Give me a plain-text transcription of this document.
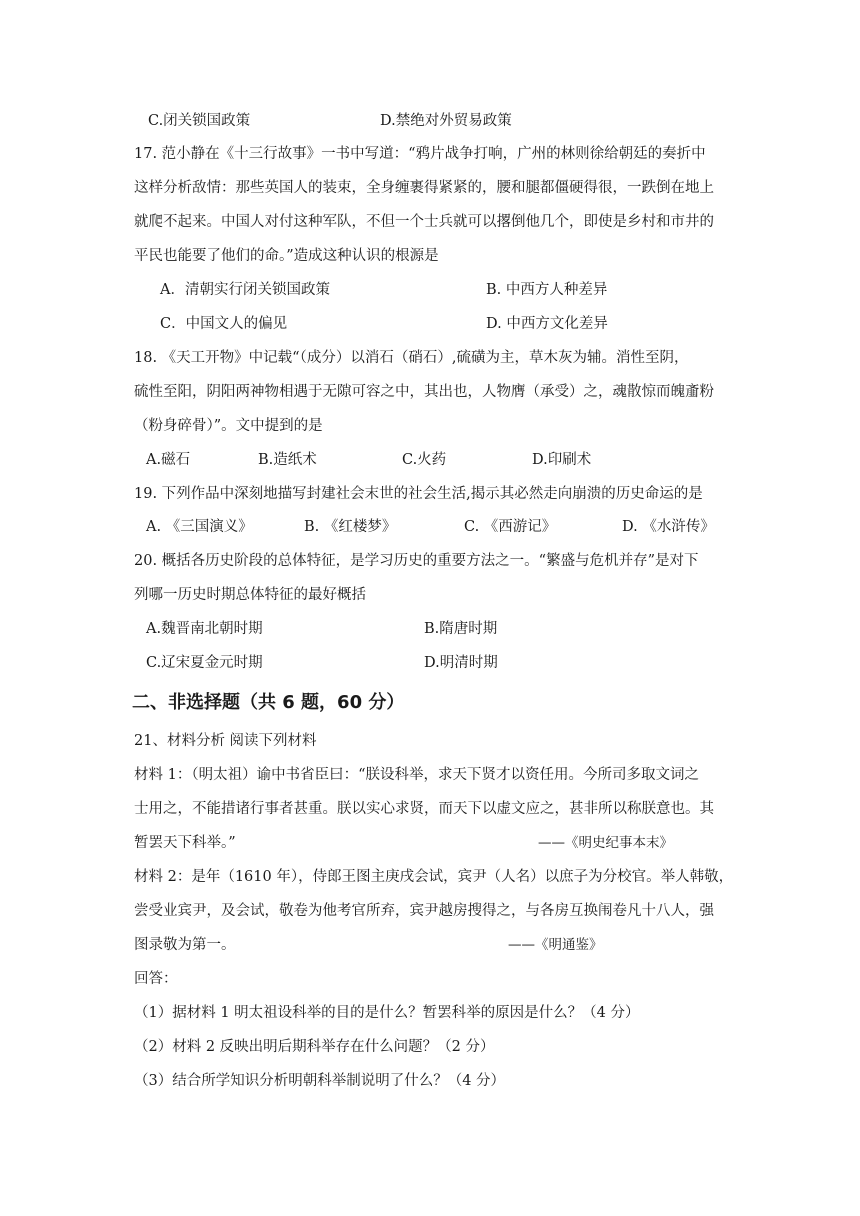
C.闭关锁国政策	D.禁绝对外贸易政策
17. 范小静在《十三行故事》一书中写道：“鸦片战争打响，广州的林则徐给朝廷的奏折中
这样分析敌情：那些英国人的装束，全身缠裹得紧紧的，腰和腿都僵硬得很，一跌倒在地上
就爬不起来。中国人对付这种军队，不但一个士兵就可以撂倒他几个，即使是乡村和市井的
平民也能要了他们的命。”造成这种认识的根源是
A．清朝实行闭关锁国政策	B. 中西方人种差异
C．中国文人的偏见	D. 中西方文化差异
18. 《天工开物》中记载“（成分）以消石（硝石）,硫磺为主，草木灰为辅。消性至阴，
硫性至阳，阴阳两神物相遇于无隙可容之中，其出也，人物膺（承受）之，魂散惊而魄齑粉
（粉身碎骨）”。文中提到的是
A.磁石	B.造纸术	C.火药	D.印刷术
19. 下列作品中深刻地描写封建社会末世的社会生活,揭示其必然走向崩溃的历史命运的是
A. 《三国演义》	B. 《红楼梦》	C. 《西游记》	D. 《水浒传》
20. 概括各历史阶段的总体特征，是学习历史的重要方法之一。“繁盛与危机并存”是对下
列哪一历史时期总体特征的最好概括
A.魏晋南北朝时期	B.隋唐时期
C.辽宋夏金元时期	D.明清时期
二、非选择题（共 6 题，60 分）
21、材料分析 阅读下列材料
材料 1：（明太祖）谕中书省臣曰：“朕设科举，求天下贤才以资任用。今所司多取文词之
士用之，不能措诸行事者甚重。朕以实心求贤，而天下以虚文应之，甚非所以称朕意也。其
暂罢天下科举。”	——《明史纪事本末》
材料 2：是年（1610 年），侍郎王图主庚戌会试，宾尹（人名）以庶子为分校官。举人韩敬，
尝受业宾尹，及会试，敬卷为他考官所弃，宾尹越房搜得之，与各房互换闱卷凡十八人，强
图录敬为第一。	——《明通鉴》
回答：
（1）据材料 1 明太祖设科举的目的是什么？暂罢科举的原因是什么？（4 分）
（2）材料 2 反映出明后期科举存在什么问题？（2 分）
（3）结合所学知识分析明朝科举制说明了什么？（4 分）
